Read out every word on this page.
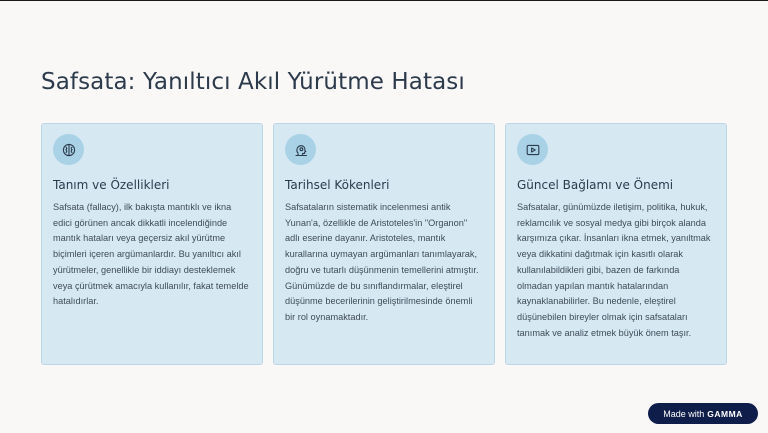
Safsata: Yanıltıcı Akıl Yürütme Hatası
Tanım ve Özellikleri

Safsata (fallacy), ilk bakışta mantıklı ve ikna edici görünen ancak dikkatli incelendiğinde mantık hataları veya geçersiz akıl yürütme biçimleri içeren argümanlardır. Bu yanıltıcı akıl yürütmeler, genellikle bir iddiayı desteklemek veya çürütmek amacıyla kullanılır, fakat temelde hatalıdırlar.

Tarihsel Kökenleri

Safsataların sistematik incelenmesi antik Yunan'a, özellikle de Aristoteles'in "Organon" adlı eserine dayanır. Aristoteles, mantık kurallarına uymayan argümanları tanımlayarak, doğru ve tutarlı düşünmenin temellerini atmıştır. Günümüzde de bu sınıflandırmalar, eleştirel düşünme becerilerinin geliştirilmesinde önemli bir rol oynamaktadır.

Güncel Bağlamı ve Önemi

Safsatalar, günümüzde iletişim, politika, hukuk, reklamcılık ve sosyal medya gibi birçok alanda karşımıza çıkar. İnsanları ikna etmek, yanıltmak veya dikkatini dağıtmak için kasıtlı olarak kullanılabildikleri gibi, bazen de farkında olmadan yapılan mantık hatalarından kaynaklanabilirler. Bu nedenle, eleştirel düşünebilen bireyler olmak için safsataları tanımak ve analiz etmek büyük önem taşır.

Made with GAMMA
